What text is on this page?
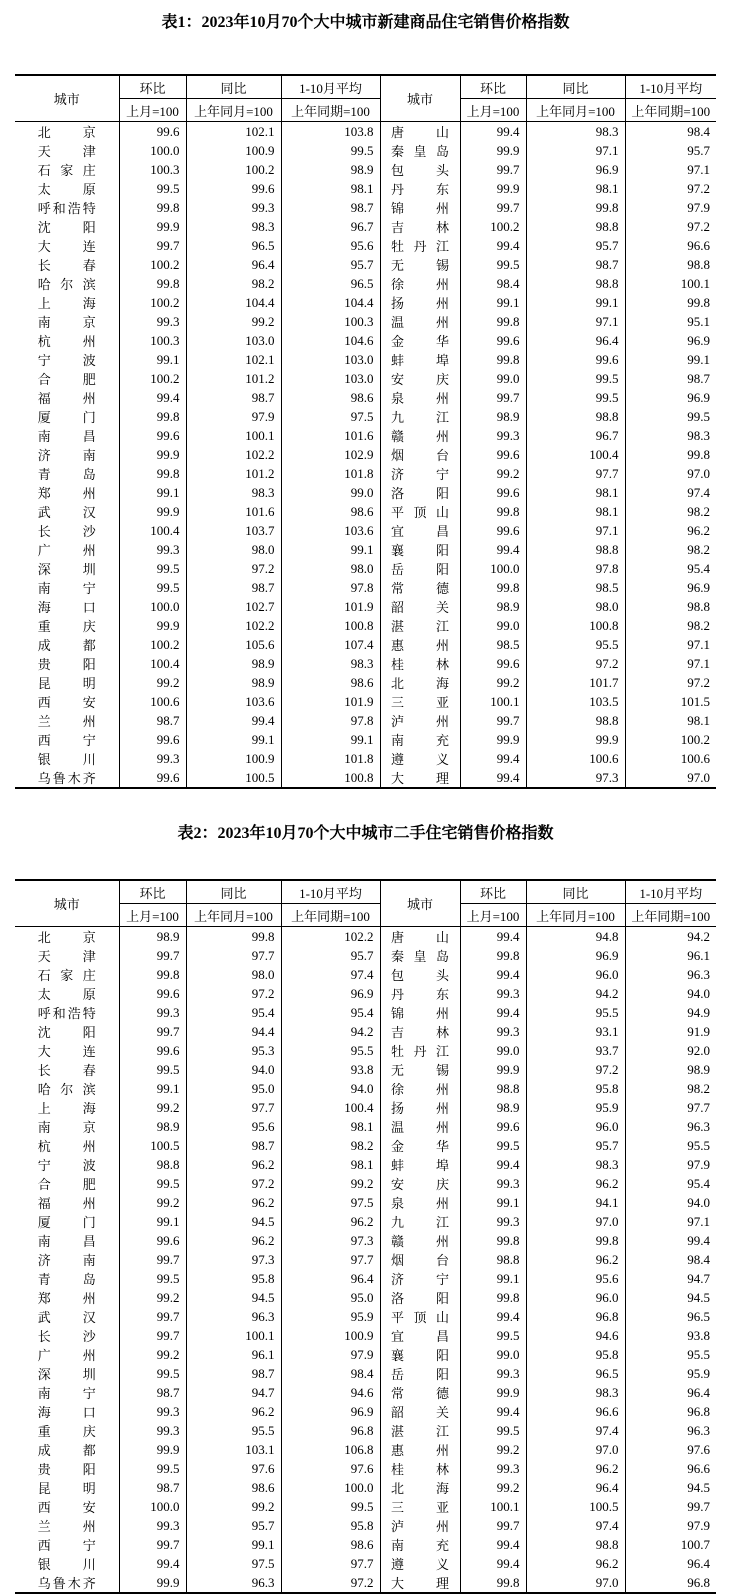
表1：2023年10月70个大中城市新建商品住宅销售价格指数
城市	环比	同比	1-10月平均	城市	环比	同比	1-10月平均
	上月=100	上年同月=100	上年同期=100		上月=100	上年同月=100	上年同期=100

北京	99.6	102.1	103.8	唐山	99.4	98.3	98.4

天津	100.0	100.9	99.5	秦皇岛	99.9	97.1	95.7

石家庄	100.3	100.2	98.9	包头	99.7	96.9	97.1

太原	99.5	99.6	98.1	丹东	99.9	98.1	97.2

呼和浩特	99.8	99.3	98.7	锦州	99.7	99.8	97.9

沈阳	99.9	98.3	96.7	吉林	100.2	98.8	97.2

大连	99.7	96.5	95.6	牡丹江	99.4	95.7	96.6

长春	100.2	96.4	95.7	无锡	99.5	98.7	98.8

哈尔滨	99.8	98.2	96.5	徐州	98.4	98.8	100.1

上海	100.2	104.4	104.4	扬州	99.1	99.1	99.8

南京	99.3	99.2	100.3	温州	99.8	97.1	95.1

杭州	100.3	103.0	104.6	金华	99.6	96.4	96.9

宁波	99.1	102.1	103.0	蚌埠	99.8	99.6	99.1

合肥	100.2	101.2	103.0	安庆	99.0	99.5	98.7

福州	99.4	98.7	98.6	泉州	99.7	99.5	96.9

厦门	99.8	97.9	97.5	九江	98.9	98.8	99.5

南昌	99.6	100.1	101.6	赣州	99.3	96.7	98.3

济南	99.9	102.2	102.9	烟台	99.6	100.4	99.8

青岛	99.8	101.2	101.8	济宁	99.2	97.7	97.0

郑州	99.1	98.3	99.0	洛阳	99.6	98.1	97.4

武汉	99.9	101.6	98.6	平顶山	99.8	98.1	98.2

长沙	100.4	103.7	103.6	宜昌	99.6	97.1	96.2

广州	99.3	98.0	99.1	襄阳	99.4	98.8	98.2

深圳	99.5	97.2	98.0	岳阳	100.0	97.8	95.4

南宁	99.5	98.7	97.8	常德	99.8	98.5	96.9

海口	100.0	102.7	101.9	韶关	98.9	98.0	98.8

重庆	99.9	102.2	100.8	湛江	99.0	100.8	98.2

成都	100.2	105.6	107.4	惠州	98.5	95.5	97.1

贵阳	100.4	98.9	98.3	桂林	99.6	97.2	97.1

昆明	99.2	98.9	98.6	北海	99.2	101.7	97.2

西安	100.6	103.6	101.9	三亚	100.1	103.5	101.5

兰州	98.7	99.4	97.8	泸州	99.7	98.8	98.1

西宁	99.6	99.1	99.1	南充	99.9	99.9	100.2

银川	99.3	100.9	101.8	遵义	99.4	100.6	100.6

乌鲁木齐	99.6	100.5	100.8	大理	99.4	97.3	97.0
表2：2023年10月70个大中城市二手住宅销售价格指数
城市	环比	同比	1-10月平均	城市	环比	同比	1-10月平均
	上月=100	上年同月=100	上年同期=100		上月=100	上年同月=100	上年同期=100

北京	98.9	99.8	102.2	唐山	99.4	94.8	94.2

天津	99.7	97.7	95.7	秦皇岛	99.8	96.9	96.1

石家庄	99.8	98.0	97.4	包头	99.4	96.0	96.3

太原	99.6	97.2	96.9	丹东	99.3	94.2	94.0

呼和浩特	99.3	95.4	95.4	锦州	99.4	95.5	94.9

沈阳	99.7	94.4	94.2	吉林	99.3	93.1	91.9

大连	99.6	95.3	95.5	牡丹江	99.0	93.7	92.0

长春	99.5	94.0	93.8	无锡	99.9	97.2	98.9

哈尔滨	99.1	95.0	94.0	徐州	98.8	95.8	98.2

上海	99.2	97.7	100.4	扬州	98.9	95.9	97.7

南京	98.9	95.6	98.1	温州	99.6	96.0	96.3

杭州	100.5	98.7	98.2	金华	99.5	95.7	95.5

宁波	98.8	96.2	98.1	蚌埠	99.4	98.3	97.9

合肥	99.5	97.2	99.2	安庆	99.3	96.2	95.4

福州	99.2	96.2	97.5	泉州	99.1	94.1	94.0

厦门	99.1	94.5	96.2	九江	99.3	97.0	97.1

南昌	99.6	96.2	97.3	赣州	99.8	99.8	99.4

济南	99.7	97.3	97.7	烟台	98.8	96.2	98.4

青岛	99.5	95.8	96.4	济宁	99.1	95.6	94.7

郑州	99.2	94.5	95.0	洛阳	99.8	96.0	94.5

武汉	99.7	96.3	95.9	平顶山	99.4	96.8	96.5

长沙	99.7	100.1	100.9	宜昌	99.5	94.6	93.8

广州	99.2	96.1	97.9	襄阳	99.0	95.8	95.5

深圳	99.5	98.7	98.4	岳阳	99.3	96.5	95.9

南宁	98.7	94.7	94.6	常德	99.9	98.3	96.4

海口	99.3	96.2	96.9	韶关	99.4	96.6	96.8

重庆	99.3	95.5	96.8	湛江	99.5	97.4	96.3

成都	99.9	103.1	106.8	惠州	99.2	97.0	97.6

贵阳	99.5	97.6	97.6	桂林	99.3	96.2	96.6

昆明	98.7	98.6	100.0	北海	99.2	96.4	94.5

西安	100.0	99.2	99.5	三亚	100.1	100.5	99.7

兰州	99.3	95.7	95.8	泸州	99.7	97.4	97.9

西宁	99.7	99.1	98.6	南充	99.4	98.8	100.7

银川	99.4	97.5	97.7	遵义	99.4	96.2	96.4

乌鲁木齐	99.9	96.3	97.2	大理	99.8	97.0	96.8
